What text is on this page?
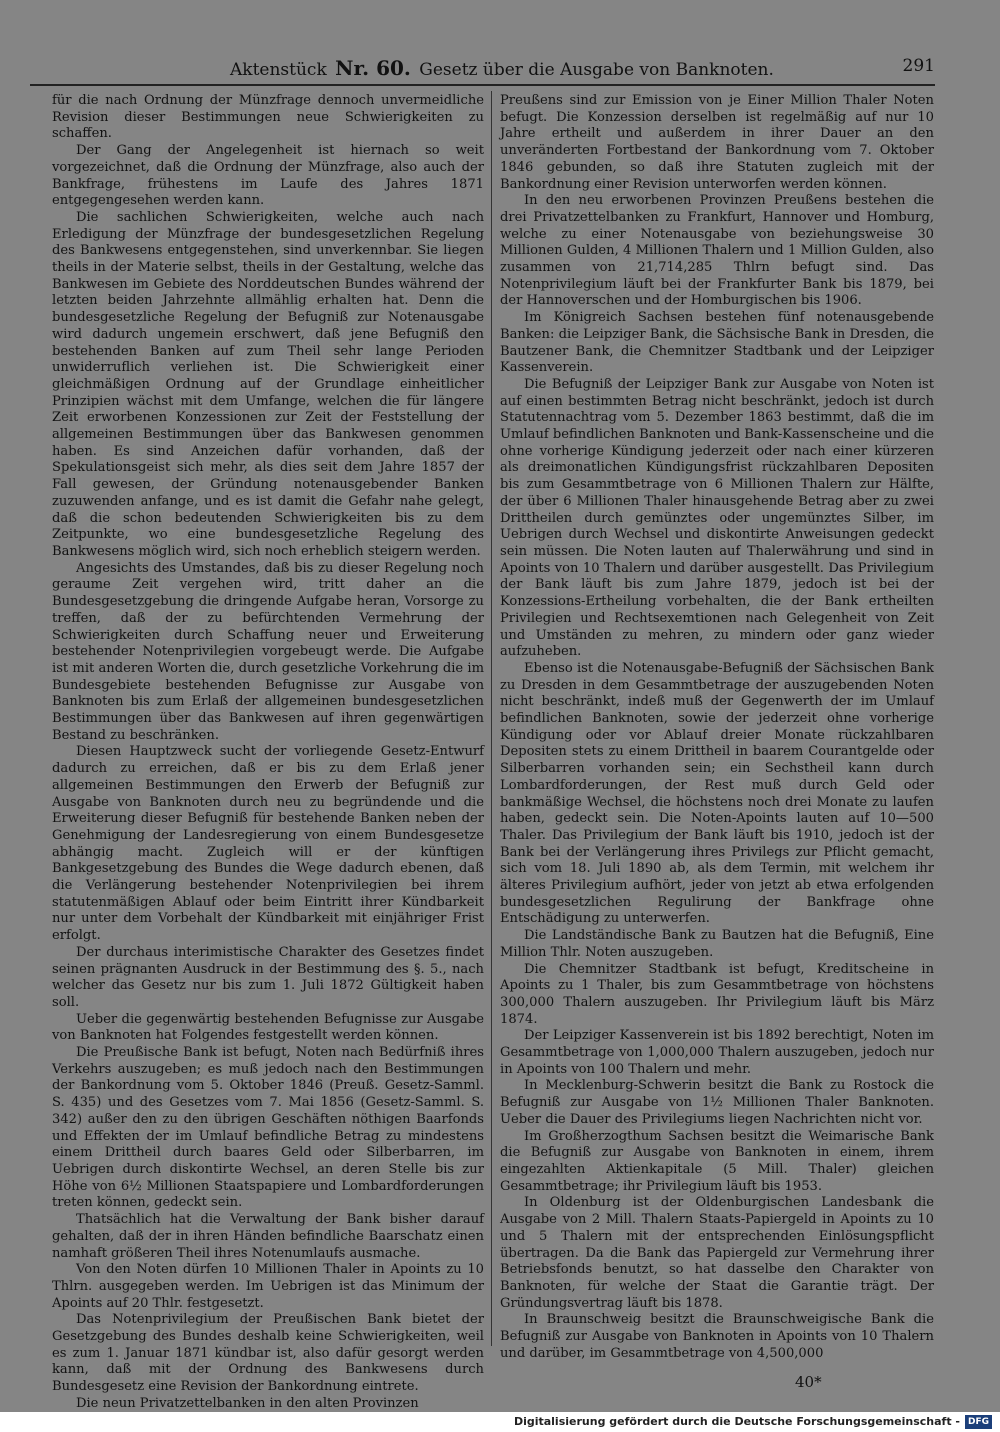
Aktenstück Nr. 60. Gesetz über die Ausgabe von Banknoten.	291

für die nach Ordnung der Münzfrage dennoch unvermeidliche Revision dieser Bestimmungen neue Schwierigkeiten zu schaffen.

Der Gang der Angelegenheit ist hiernach so weit vorgezeichnet, daß die Ordnung der Münzfrage, also auch der Bankfrage, frühestens im Laufe des Jahres 1871 entgegengesehen werden kann.

Die sachlichen Schwierigkeiten, welche auch nach Erledigung der Münzfrage der bundesgesetzlichen Regelung des Bankwesens entgegenstehen, sind unverkennbar. Sie liegen theils in der Materie selbst, theils in der Gestaltung, welche das Bankwesen im Gebiete des Norddeutschen Bundes während der letzten beiden Jahrzehnte allmählig erhalten hat. Denn die bundesgesetzliche Regelung der Befugniß zur Notenausgabe wird dadurch ungemein erschwert, daß jene Befugniß den bestehenden Banken auf zum Theil sehr lange Perioden unwiderruflich verliehen ist. Die Schwierigkeit einer gleichmäßigen Ordnung auf der Grundlage einheitlicher Prinzipien wächst mit dem Umfange, welchen die für längere Zeit erworbenen Konzessionen zur Zeit der Feststellung der allgemeinen Bestimmungen über das Bankwesen genommen haben. Es sind Anzeichen dafür vorhanden, daß der Spekulationsgeist sich mehr, als dies seit dem Jahre 1857 der Fall gewesen, der Gründung notenausgebender Banken zuzuwenden anfange, und es ist damit die Gefahr nahe gelegt, daß die schon bedeutenden Schwierigkeiten bis zu dem Zeitpunkte, wo eine bundesgesetzliche Regelung des Bankwesens möglich wird, sich noch erheblich steigern werden.

Angesichts des Umstandes, daß bis zu dieser Regelung noch geraume Zeit vergehen wird, tritt daher an die Bundesgesetzgebung die dringende Aufgabe heran, Vorsorge zu treffen, daß der zu befürchtenden Vermehrung der Schwierigkeiten durch Schaffung neuer und Erweiterung bestehender Notenprivilegien vorgebeugt werde. Die Aufgabe ist mit anderen Worten die, durch gesetzliche Vorkehrung die im Bundesgebiete bestehenden Befugnisse zur Ausgabe von Banknoten bis zum Erlaß der allgemeinen bundesgesetzlichen Bestimmungen über das Bankwesen auf ihren gegenwärtigen Bestand zu beschränken.

Diesen Hauptzweck sucht der vorliegende Gesetz-Entwurf dadurch zu erreichen, daß er bis zu dem Erlaß jener allgemeinen Bestimmungen den Erwerb der Befugniß zur Ausgabe von Banknoten durch neu zu begründende und die Erweiterung dieser Befugniß für bestehende Banken neben der Genehmigung der Landesregierung von einem Bundesgesetze abhängig macht. Zugleich will er der künftigen Bankgesetzgebung des Bundes die Wege dadurch ebenen, daß die Verlängerung bestehender Notenprivilegien bei ihrem statutenmäßigen Ablauf oder beim Eintritt ihrer Kündbarkeit nur unter dem Vorbehalt der Kündbarkeit mit einjähriger Frist erfolgt.

Der durchaus interimistische Charakter des Gesetzes findet seinen prägnanten Ausdruck in der Bestimmung des §. 5., nach welcher das Gesetz nur bis zum 1. Juli 1872 Gültigkeit haben soll.

Ueber die gegenwärtig bestehenden Befugnisse zur Ausgabe von Banknoten hat Folgendes festgestellt werden können.

Die Preußische Bank ist befugt, Noten nach Bedürfniß ihres Verkehrs auszugeben; es muß jedoch nach den Bestimmungen der Bankordnung vom 5. Oktober 1846 (Preuß. Gesetz-Samml. S. 435) und des Gesetzes vom 7. Mai 1856 (Gesetz-Samml. S. 342) außer den zu den übrigen Geschäften nöthigen Baarfonds und Effekten der im Umlauf befindliche Betrag zu mindestens einem Drittheil durch baares Geld oder Silberbarren, im Uebrigen durch diskontirte Wechsel, an deren Stelle bis zur Höhe von 6½ Millionen Staatspapiere und Lombardforderungen treten können, gedeckt sein.

Thatsächlich hat die Verwaltung der Bank bisher darauf gehalten, daß der in ihren Händen befindliche Baarschatz einen namhaft größeren Theil ihres Notenumlaufs ausmache.

Von den Noten dürfen 10 Millionen Thaler in Apoints zu 10 Thlrn. ausgegeben werden. Im Uebrigen ist das Minimum der Apoints auf 20 Thlr. festgesetzt.

Das Notenprivilegium der Preußischen Bank bietet der Gesetzgebung des Bundes deshalb keine Schwierigkeiten, weil es zum 1. Januar 1871 kündbar ist, also dafür gesorgt werden kann, daß mit der Ordnung des Bankwesens durch Bundesgesetz eine Revision der Bankordnung eintrete.

Die neun Privatzettelbanken in den alten Provinzen

Preußens sind zur Emission von je Einer Million Thaler Noten befugt. Die Konzession derselben ist regelmäßig auf nur 10 Jahre ertheilt und außerdem in ihrer Dauer an den unveränderten Fortbestand der Bankordnung vom 7. Oktober 1846 gebunden, so daß ihre Statuten zugleich mit der Bankordnung einer Revision unterworfen werden können.

In den neu erworbenen Provinzen Preußens bestehen die drei Privatzettelbanken zu Frankfurt, Hannover und Homburg, welche zu einer Notenausgabe von beziehungsweise 30 Millionen Gulden, 4 Millionen Thalern und 1 Million Gulden, also zusammen von 21,714,285 Thlrn befugt sind. Das Notenprivilegium läuft bei der Frankfurter Bank bis 1879, bei der Hannoverschen und der Homburgischen bis 1906.

Im Königreich Sachsen bestehen fünf notenausgebende Banken: die Leipziger Bank, die Sächsische Bank in Dresden, die Bautzener Bank, die Chemnitzer Stadtbank und der Leipziger Kassenverein.

Die Befugniß der Leipziger Bank zur Ausgabe von Noten ist auf einen bestimmten Betrag nicht beschränkt, jedoch ist durch Statutennachtrag vom 5. Dezember 1863 bestimmt, daß die im Umlauf befindlichen Banknoten und Bank-Kassenscheine und die ohne vorherige Kündigung jederzeit oder nach einer kürzeren als dreimonatlichen Kündigungsfrist rückzahlbaren Depositen bis zum Gesammtbetrage von 6 Millionen Thalern zur Hälfte, der über 6 Millionen Thaler hinausgehende Betrag aber zu zwei Drittheilen durch gemünztes oder ungemünztes Silber, im Uebrigen durch Wechsel und diskontirte Anweisungen gedeckt sein müssen. Die Noten lauten auf Thalerwährung und sind in Apoints von 10 Thalern und darüber ausgestellt. Das Privilegium der Bank läuft bis zum Jahre 1879, jedoch ist bei der Konzessions-Ertheilung vorbehalten, die der Bank ertheilten Privilegien und Rechtsexemtionen nach Gelegenheit von Zeit und Umständen zu mehren, zu mindern oder ganz wieder aufzuheben.

Ebenso ist die Notenausgabe-Befugniß der Sächsischen Bank zu Dresden in dem Gesammtbetrage der auszugebenden Noten nicht beschränkt, indeß muß der Gegenwerth der im Umlauf befindlichen Banknoten, sowie der jederzeit ohne vorherige Kündigung oder vor Ablauf dreier Monate rückzahlbaren Depositen stets zu einem Drittheil in baarem Courantgelde oder Silberbarren vorhanden sein; ein Sechstheil kann durch Lombardforderungen, der Rest muß durch Geld oder bankmäßige Wechsel, die höchstens noch drei Monate zu laufen haben, gedeckt sein. Die Noten-Apoints lauten auf 10—500 Thaler. Das Privilegium der Bank läuft bis 1910, jedoch ist der Bank bei der Verlängerung ihres Privilegs zur Pflicht gemacht, sich vom 18. Juli 1890 ab, als dem Termin, mit welchem ihr älteres Privilegium aufhört, jeder von jetzt ab etwa erfolgenden bundesgesetzlichen Regulirung der Bankfrage ohne Entschädigung zu unterwerfen.

Die Landständische Bank zu Bautzen hat die Befugniß, Eine Million Thlr. Noten auszugeben.

Die Chemnitzer Stadtbank ist befugt, Kreditscheine in Apoints zu 1 Thaler, bis zum Gesammtbetrage von höchstens 300,000 Thalern auszugeben. Ihr Privilegium läuft bis März 1874.

Der Leipziger Kassenverein ist bis 1892 berechtigt, Noten im Gesammtbetrage von 1,000,000 Thalern auszugeben, jedoch nur in Apoints von 100 Thalern und mehr.

In Mecklenburg-Schwerin besitzt die Bank zu Rostock die Befugniß zur Ausgabe von 1½ Millionen Thaler Banknoten. Ueber die Dauer des Privilegiums liegen Nachrichten nicht vor.

Im Großherzogthum Sachsen besitzt die Weimarische Bank die Befugniß zur Ausgabe von Banknoten in einem, ihrem eingezahlten Aktienkapitale (5 Mill. Thaler) gleichen Gesammtbetrage; ihr Privilegium läuft bis 1953.

In Oldenburg ist der Oldenburgischen Landesbank die Ausgabe von 2 Mill. Thalern Staats-Papiergeld in Apoints zu 10 und 5 Thalern mit der entsprechenden Einlösungspflicht übertragen. Da die Bank das Papiergeld zur Vermehrung ihrer Betriebsfonds benutzt, so hat dasselbe den Charakter von Banknoten, für welche der Staat die Garantie trägt. Der Gründungsvertrag läuft bis 1878.

In Braunschweig besitzt die Braunschweigische Bank die Befugniß zur Ausgabe von Banknoten in Apoints von 10 Thalern und darüber, im Gesammtbetrage von 4,500,000

40*
Digitalisierung gefördert durch die Deutsche Forschungsgemeinschaft - DFG
